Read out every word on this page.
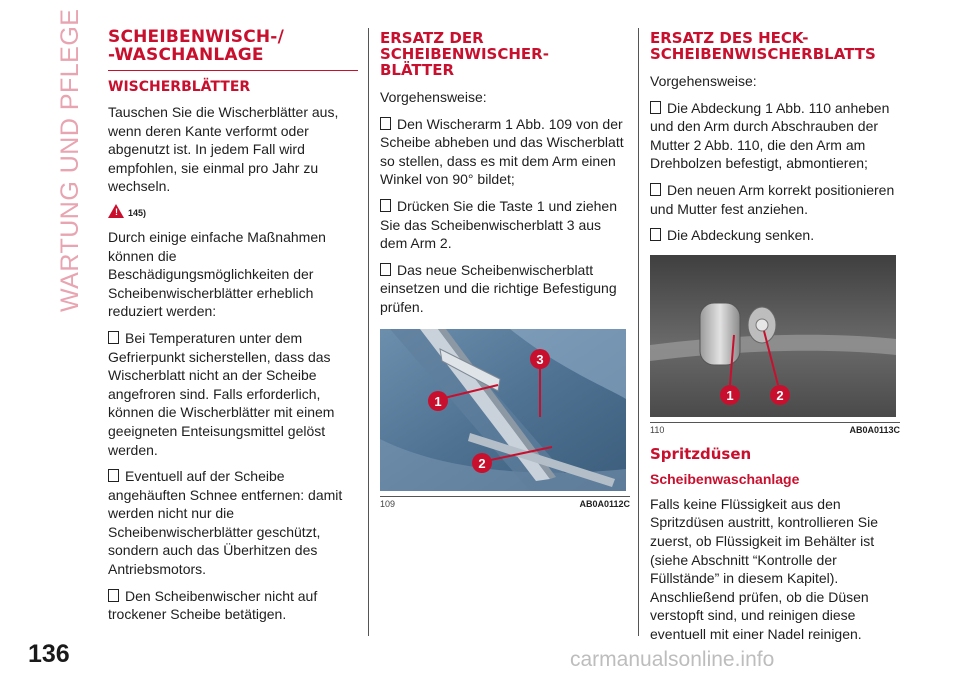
WARTUNG UND PFLEGE
136
SCHEIBENWISCH-/
-WASCHANLAGE
WISCHERBLÄTTER

Tauschen Sie die Wischerblätter aus, wenn deren Kante verformt oder abgenutzt ist. In jedem Fall wird empfohlen, sie einmal pro Jahr zu wechseln.

! 145)

Durch einige einfache Maßnahmen können die Beschädigungsmöglichkeiten der Scheibenwischerblätter erheblich reduziert werden:

Bei Temperaturen unter dem Gefrierpunkt sicherstellen, dass das Wischerblatt nicht an der Scheibe angefroren sind. Falls erforderlich, können die Wischerblätter mit einem geeigneten Enteisungsmittel gelöst werden.

Eventuell auf der Scheibe angehäuften Schnee entfernen: damit werden nicht nur die Scheibenwischerblätter geschützt, sondern auch das Überhitzen des Antriebsmotors.

Den Scheibenwischer nicht auf trockener Scheibe betätigen.

ERSATZ DER
SCHEIBENWISCHER-
BLÄTTER

Vorgehensweise:

Den Wischerarm 1 Abb. 109 von der Scheibe abheben und das Wischerblatt so stellen, dass es mit dem Arm einen Winkel von 90° bildet;

Drücken Sie die Taste 1 und ziehen Sie das Scheibenwischerblatt 3 aus dem Arm 2.

Das neue Scheibenwischerblatt einsetzen und die richtige Befestigung prüfen.

1
2
3
109	AB0A0112C
ERSATZ DES HECK-
SCHEIBENWISCHERBLATTS

Vorgehensweise:

Die Abdeckung 1 Abb. 110 anheben und den Arm durch Abschrauben der Mutter 2 Abb. 110, die den Arm am Drehbolzen befestigt, abmontieren;

Den neuen Arm korrekt positionieren und Mutter fest anziehen.

Die Abdeckung senken.

1	2
110	AB0A0113C
Spritzdüsen
Scheibenwaschanlage

Falls keine Flüssigkeit aus den Spritzdüsen austritt, kontrollieren Sie zuerst, ob Flüssigkeit im Behälter ist (siehe Abschnitt “Kontrolle der Füllstände” in diesem Kapitel). Anschließend prüfen, ob die Düsen verstopft sind, und reinigen diese eventuell mit einer Nadel reinigen.

carmanualsonline.info
